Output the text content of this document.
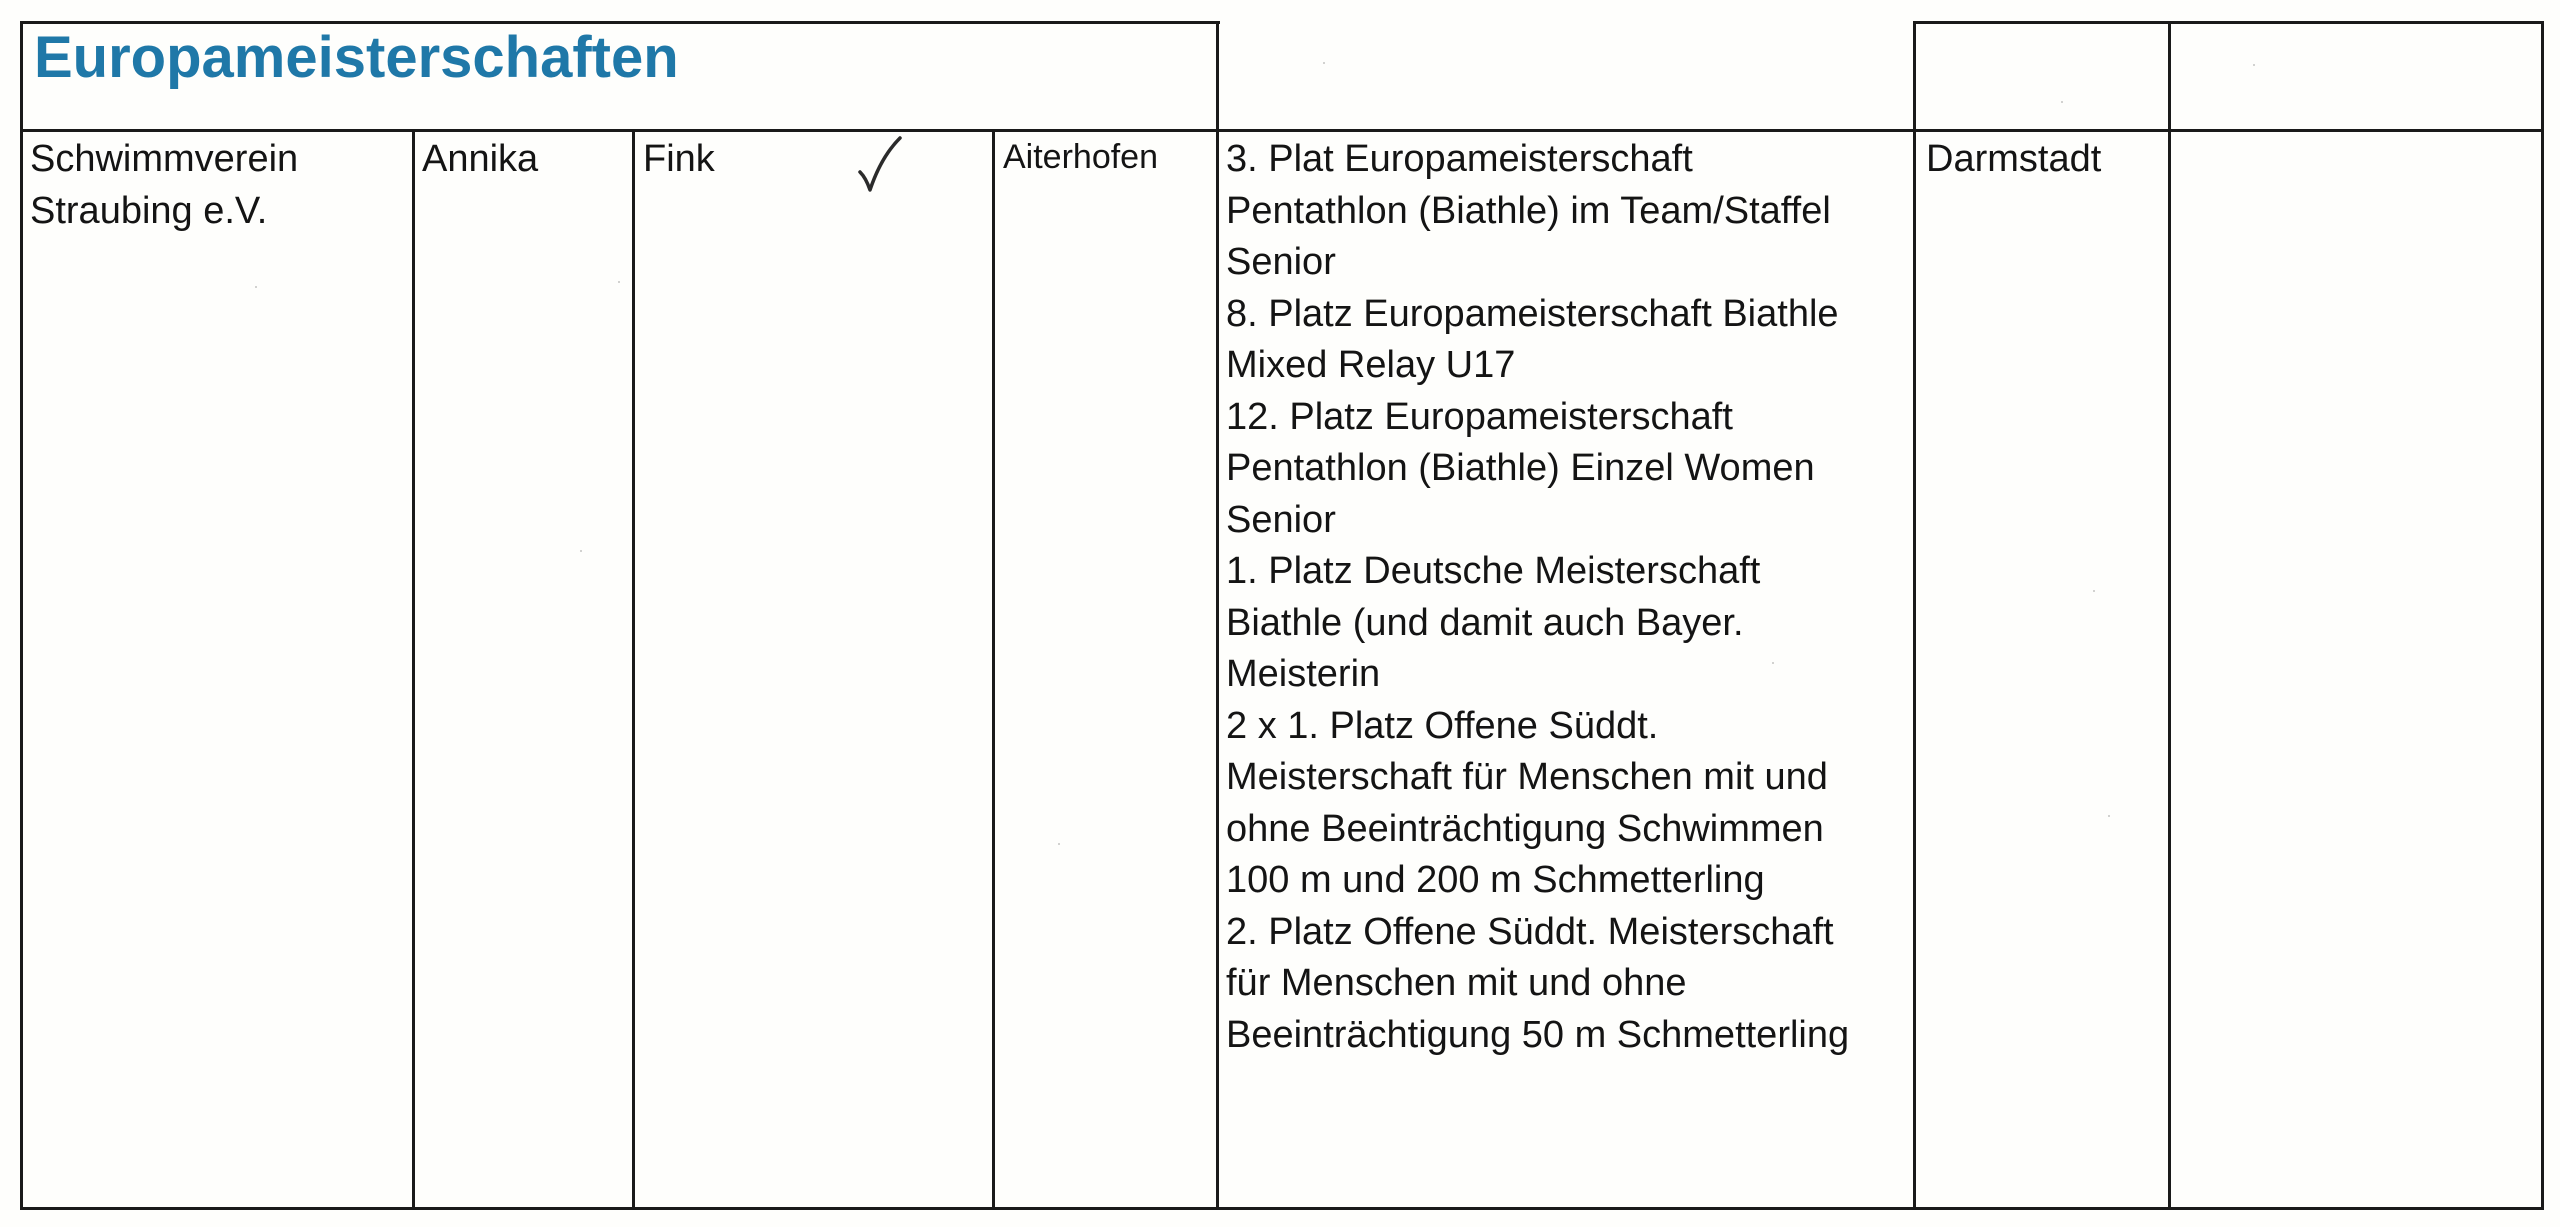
Europameisterschaften
Schwimmverein
Straubing e.V.
Annika	Fink	Aiterhofen 3. Plat Europameisterschaft
Pentathlon (Biathle) im Team/Staffel
Senior
8. Platz Europameisterschaft Biathle
Mixed Relay U17
12. Platz Europameisterschaft
Pentathlon (Biathle) Einzel Women
Senior
1. Platz Deutsche Meisterschaft
Biathle (und damit auch Bayer.
Meisterin
2 x 1. Platz Offene Süddt.
Meisterschaft für Menschen mit und
ohne Beeinträchtigung Schwimmen
100 m und 200 m Schmetterling
2. Platz Offene Süddt. Meisterschaft
für Menschen mit und ohne
Beeinträchtigung 50 m Schmetterling
Darmstadt
